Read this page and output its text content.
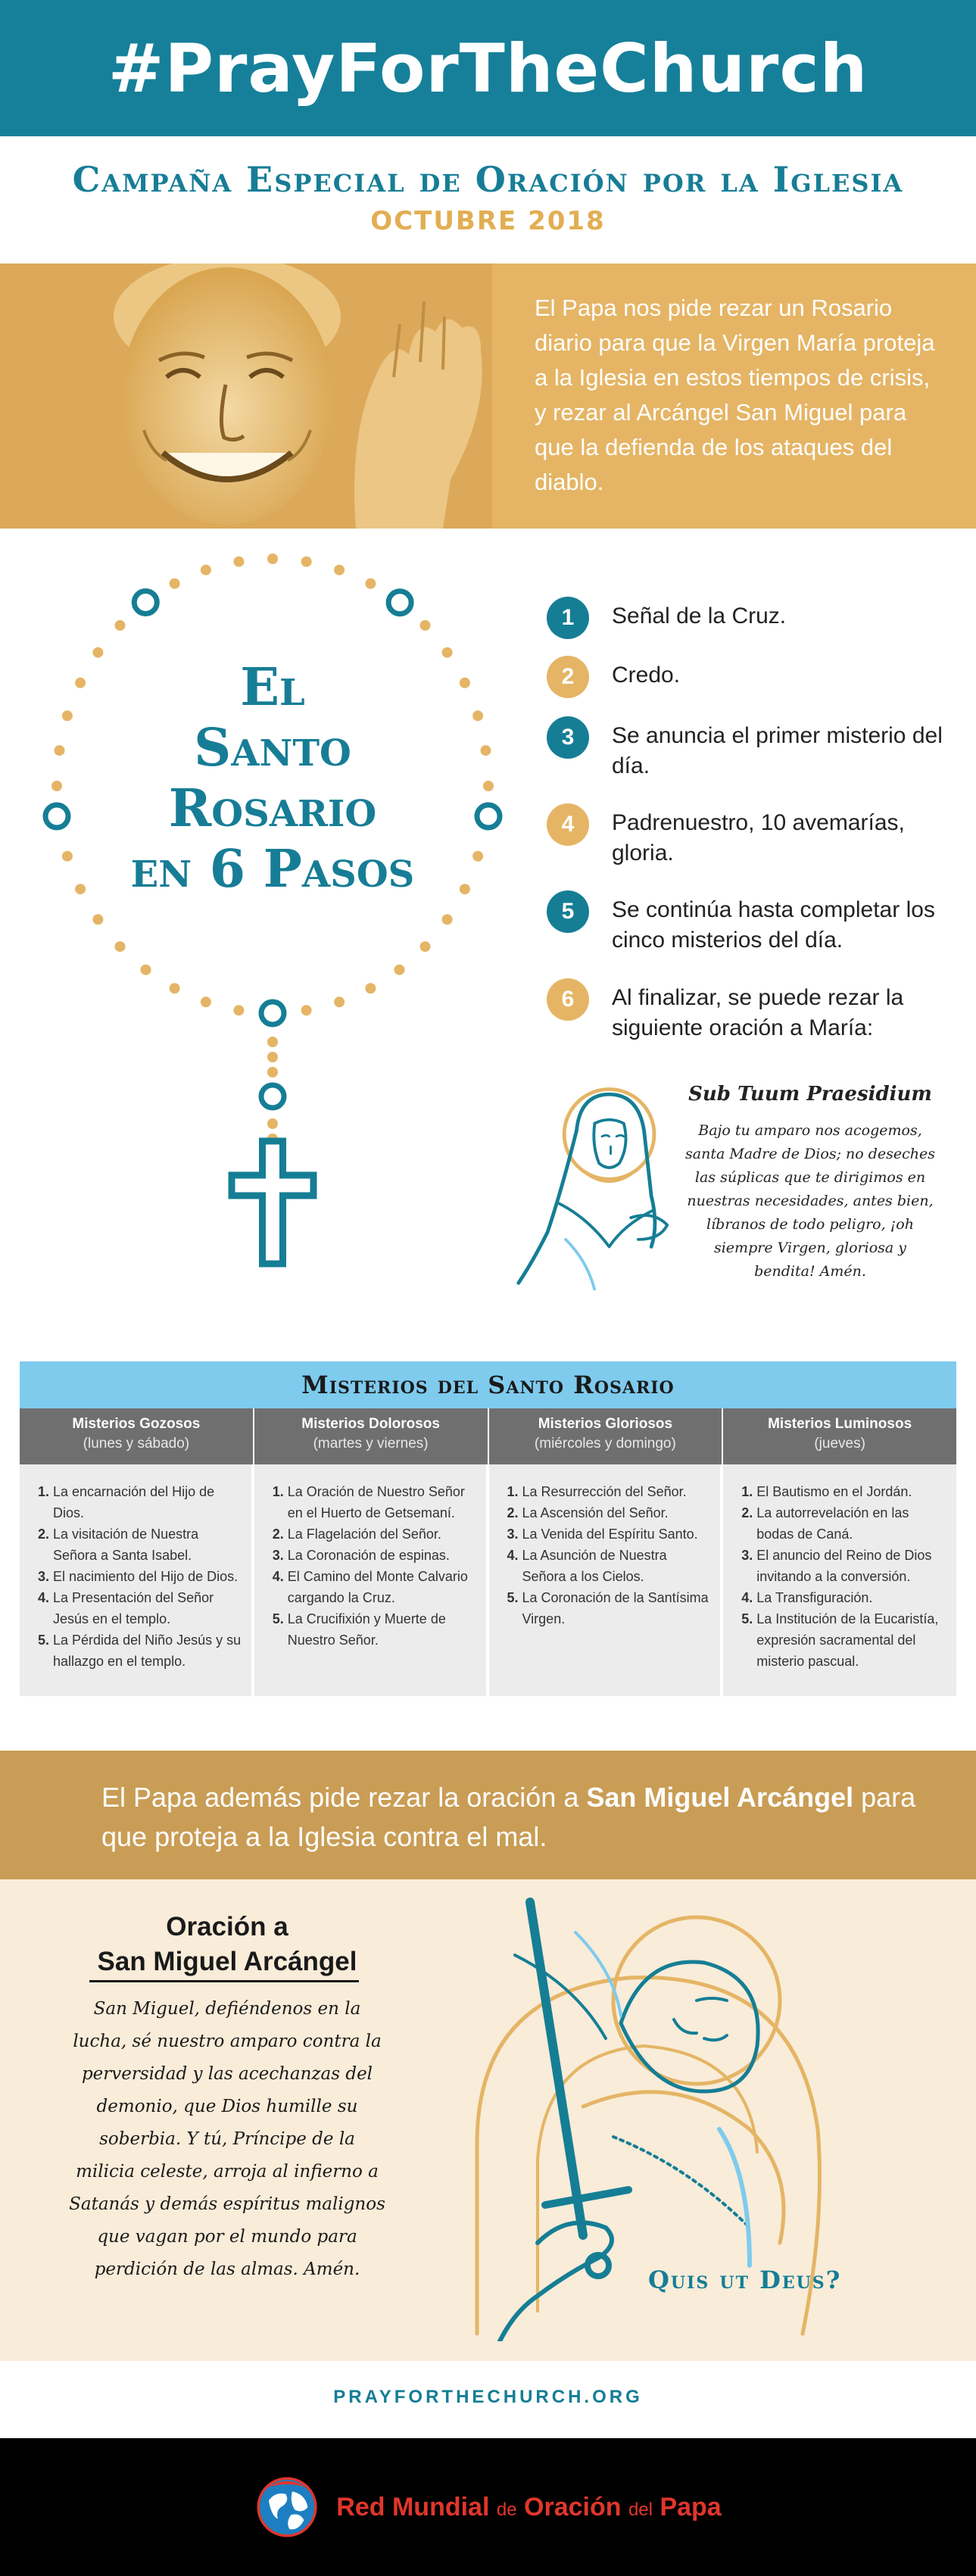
#PrayForTheChurch
Campaña Especial de Oración por la Iglesia
OCTUBRE 2018
El Papa nos pide rezar un Rosario diario para que la Virgen María proteja a la Iglesia en estos tiempos de crisis, y rezar al Arcángel San Miguel para que la defienda de los ataques del diablo.
El
Santo
Rosario
en 6 Pasos
1	Señal de la Cruz.
2	Credo.
3	Se anuncia el primer misterio del día.
4	Padrenuestro, 10 avemarías, gloria.
5	Se continúa hasta completar los cinco misterios del día.
6	Al finalizar, se puede rezar la siguiente oración a María:
Sub Tuum Praesidium
Bajo tu amparo nos acogemos, santa Madre de Dios; no deseches las súplicas que te dirigimos en nuestras necesidades, antes bien, líbranos de todo peligro, ¡oh siempre Virgen, gloriosa y bendita! Amén.
Misterios del Santo Rosario
Misterios Gozosos
(lunes y sábado)
1. La encarnación del Hijo de Dios.
2. La visitación de Nuestra Señora a Santa Isabel.
3. El nacimiento del Hijo de Dios.
4. La Presentación del Señor Jesús en el templo.
5. La Pérdida del Niño Jesús y su hallazgo en el templo.
Misterios Dolorosos
(martes y viernes)
1. La Oración de Nuestro Señor en el Huerto de Getsemaní.
2. La Flagelación del Señor.
3. La Coronación de espinas.
4. El Camino del Monte Calvario cargando la Cruz.
5. La Crucifixión y Muerte de Nuestro Señor.
Misterios Gloriosos
(miércoles y domingo)
1. La Resurrección del Señor.
2. La Ascensión del Señor.
3. La Venida del Espíritu Santo.
4. La Asunción de Nuestra Señora a los Cielos.
5. La Coronación de la Santísima Virgen.
Misterios Luminosos
(jueves)
1. El Bautismo en el Jordán.
2. La autorrevelación en las bodas de Caná.
3. El anuncio del Reino de Dios invitando a la conversión.
4. La Transfiguración.
5. La Institución de la Eucaristía, expresión sacramental del misterio pascual.
El Papa además pide rezar la oración a San Miguel Arcángel para que proteja a la Iglesia contra el mal.
Oración a
San Miguel Arcángel
San Miguel, defiéndenos en la lucha, sé nuestro amparo contra la perversidad y las acechanzas del demonio, que Dios humille su soberbia. Y tú, Príncipe de la milicia celeste, arroja al infierno a Satanás y demás espíritus malignos que vagan por el mundo para perdición de las almas. Amén.	Quis ut Deus?
PRAYFORTHECHURCH.ORG
Red Mundial de Oración del Papa
